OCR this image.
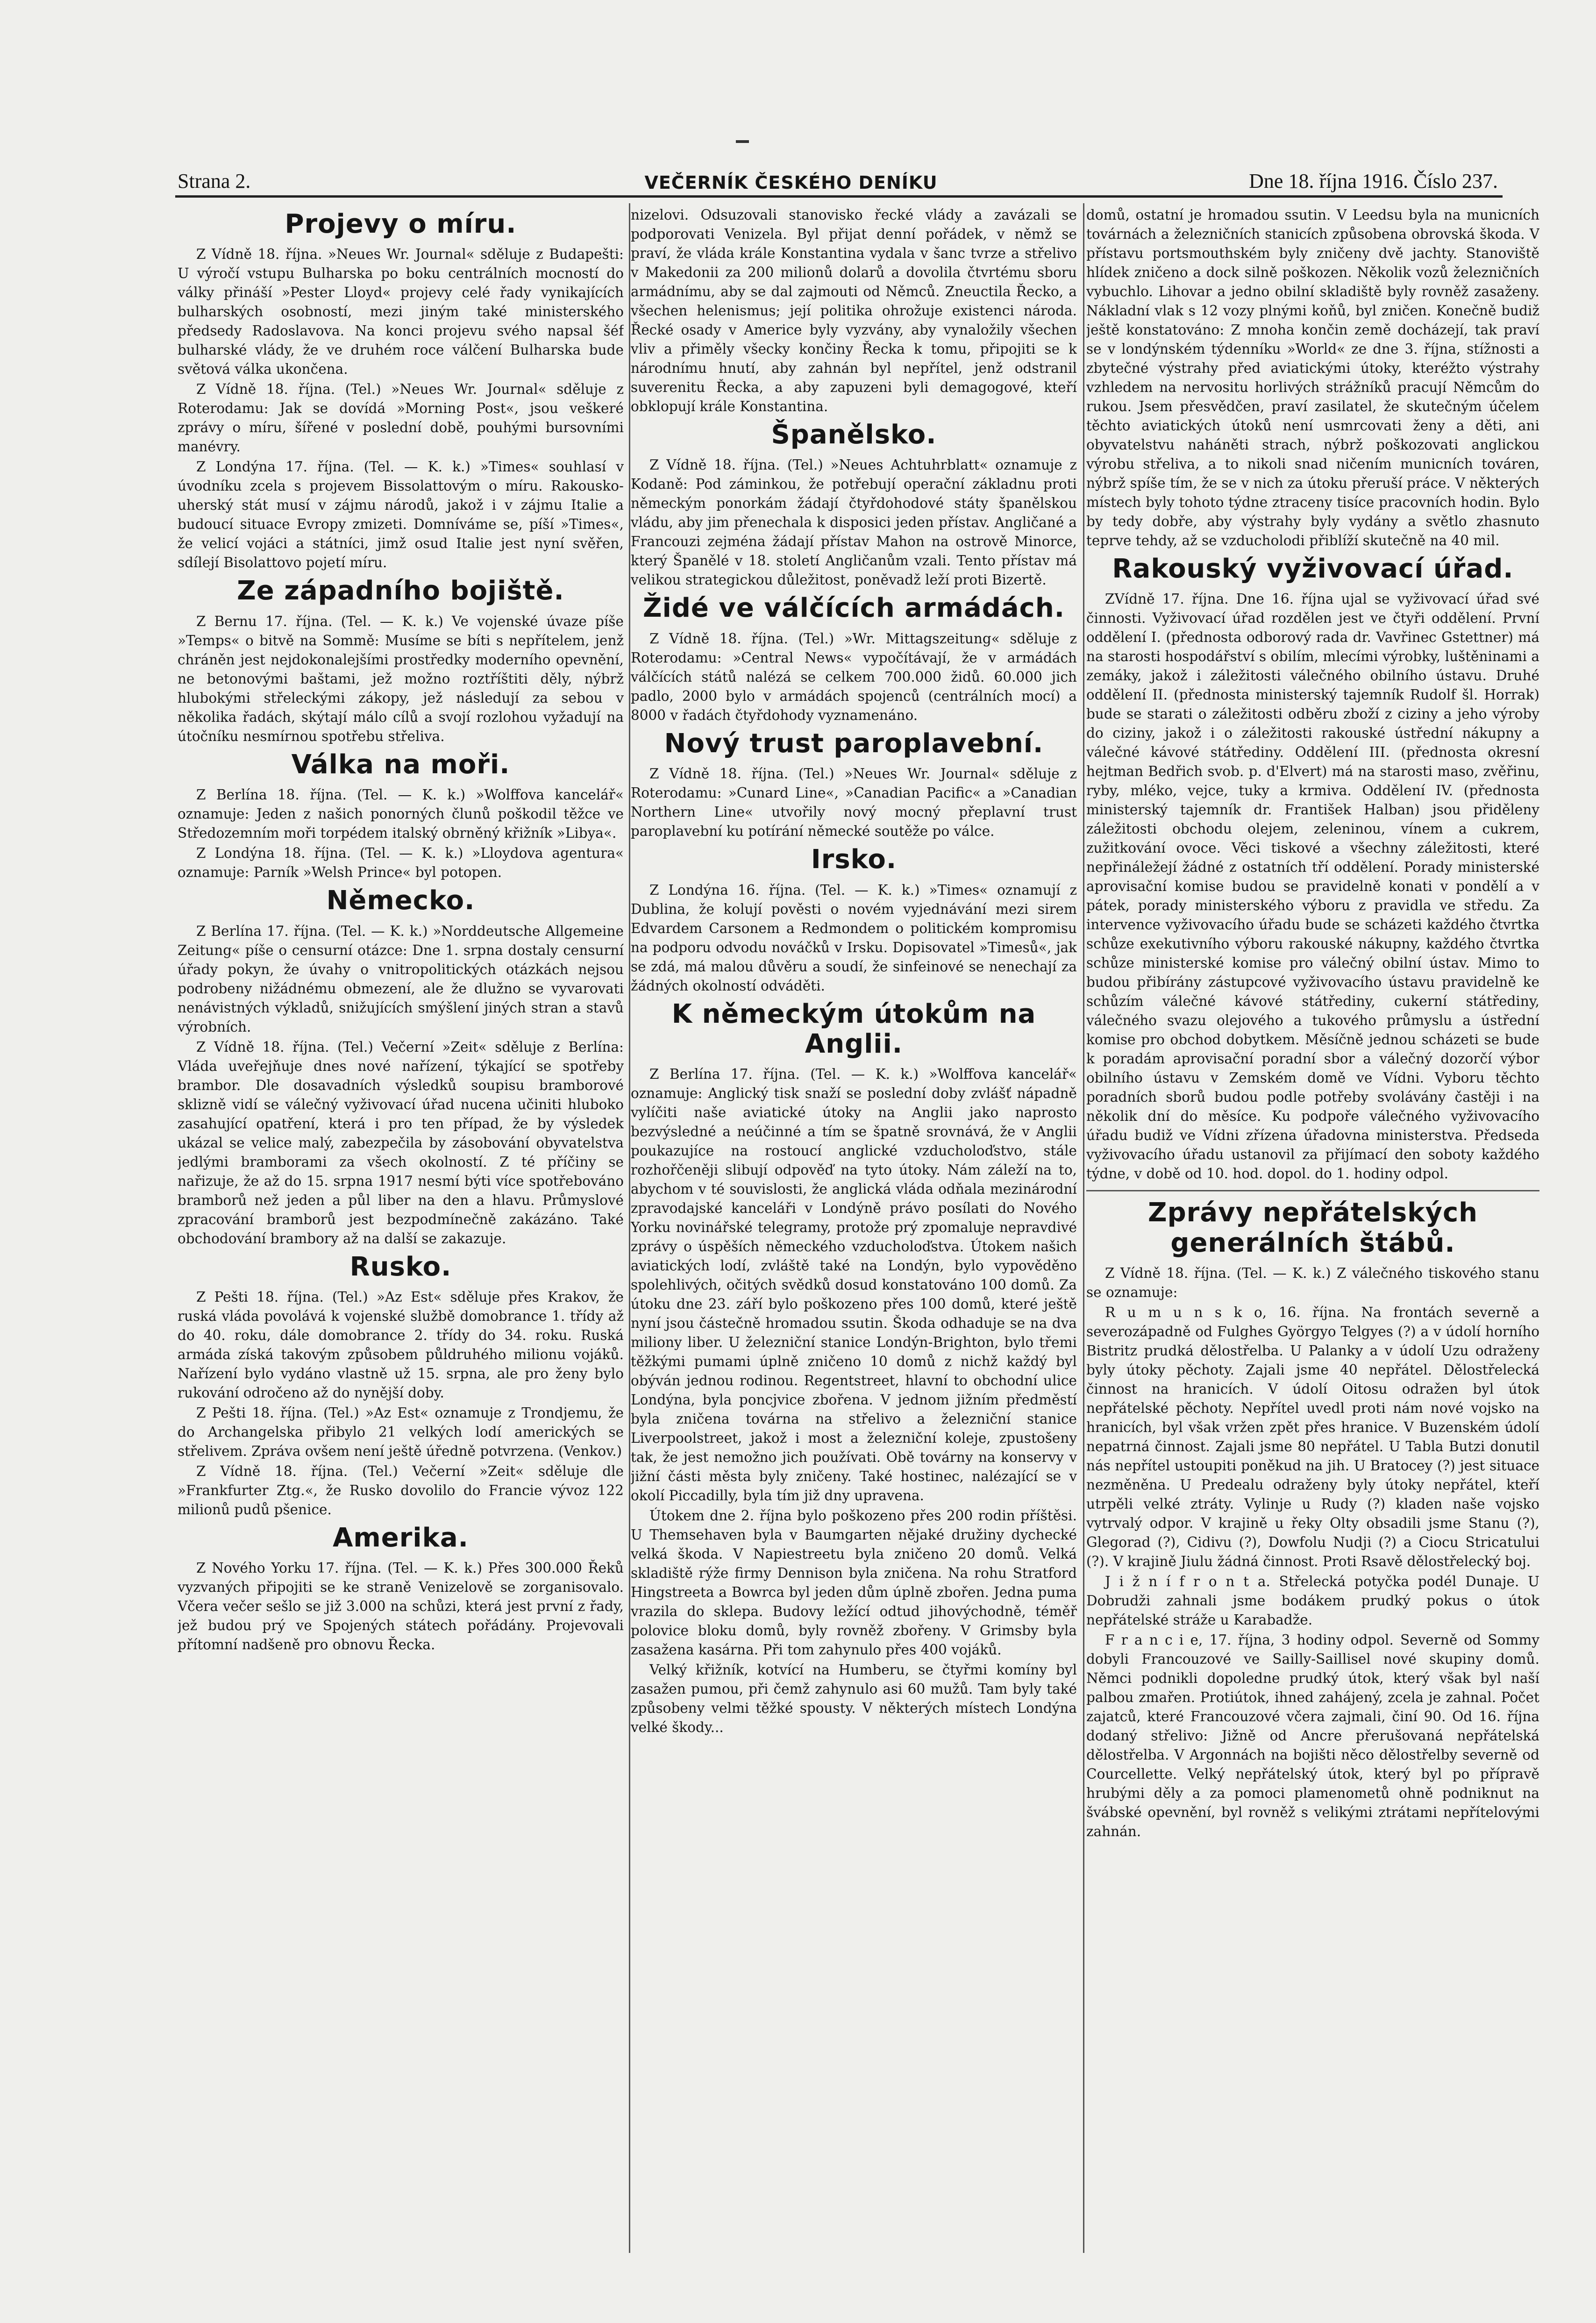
Strana 2.	VEČERNÍK ČESKÉHO DENÍKU	Dne 18. října 1916. Číslo 237.
Projevy o míru.

Z Vídně 18. října. »Neues Wr. Journal« sděluje z Budapešti: U výročí vstupu Bulharska po boku centrálních mocností do války přináší »Pester Lloyd« projevy celé řady vynikajících bulharských osobností, mezi jiným také ministerského předsedy Radoslavova. Na konci projevu svého napsal šéf bulharské vlády, že ve druhém roce válčení Bulharska bude světová válka ukončena.

Z Vídně 18. října. (Tel.) »Neues Wr. Journal« sděluje z Roterodamu: Jak se dovídá »Morning Post«, jsou veškeré zprávy o míru, šířené v poslední době, pouhými bursovními manévry.

Z Londýna 17. října. (Tel. — K. k.) »Times« souhlasí v úvodníku zcela s projevem Bissolattovým o míru. Rakousko-uherský stát musí v zájmu národů, jakož i v zájmu Italie a budoucí situace Evropy zmizeti. Domníváme se, píší »Times«, že velicí vojáci a státníci, jimž osud Italie jest nyní svěřen, sdílejí Bisolattovo pojetí míru.

Ze západního bojiště.

Z Bernu 17. října. (Tel. — K. k.) Ve vojenské úvaze píše »Temps« o bitvě na Sommě: Musíme se bíti s nepřítelem, jenž chráněn jest nejdokonalejšími prostředky moderního opevnění, ne betonovými baštami, jež možno roztříštiti děly, nýbrž hlubokými střeleckými zákopy, jež následují za sebou v několika řadách, skýtají málo cílů a svojí rozlohou vyžadují na útočníku nesmírnou spotřebu střeliva.

Válka na moři.

Z Berlína 18. října. (Tel. — K. k.) »Wolffova kancelář« oznamuje: Jeden z našich ponorných člunů poškodil těžce ve Středozemním moři torpédem italský obrněný křižník »Libya«.

Z Londýna 18. října. (Tel. — K. k.) »Lloydova agentura« oznamuje: Parník »Welsh Prince« byl potopen.

Německo.

Z Berlína 17. října. (Tel. — K. k.) »Norddeutsche Allgemeine Zeitung« píše o censurní otázce: Dne 1. srpna dostaly censurní úřady pokyn, že úvahy o vnitropolitických otázkách nejsou podrobeny nižádnému obmezení, ale že dlužno se vyvarovati nenávistných výkladů, snižujících smýšlení jiných stran a stavů výrobních.

Z Vídně 18. října. (Tel.) Večerní »Zeit« sděluje z Berlína: Vláda uveřejňuje dnes nové nařízení, týkající se spotřeby brambor. Dle dosavadních výsledků soupisu bramborové sklizně vidí se válečný vyživovací úřad nucena učiniti hluboko zasahující opatření, která i pro ten případ, že by výsledek ukázal se velice malý, zabezpečila by zásobování obyvatelstva jedlými bramborami za všech okolností. Z té příčiny se nařizuje, že až do 15. srpna 1917 nesmí býti více spotřebováno bramborů než jeden a půl liber na den a hlavu. Průmyslové zpracování bramborů jest bezpodmínečně zakázáno. Také obchodování brambory až na další se zakazuje.

Rusko.

Z Pešti 18. října. (Tel.) »Az Est« sděluje přes Krakov, že ruská vláda povolává k vojenské službě domobrance 1. třídy až do 40. roku, dále domobrance 2. třídy do 34. roku. Ruská armáda získá takovým způsobem půldruhého milionu vojáků. Nařízení bylo vydáno vlastně už 15. srpna, ale pro ženy bylo rukování odročeno až do nynější doby.

Z Pešti 18. října. (Tel.) »Az Est« oznamuje z Trondjemu, že do Archangelska přibylo 21 velkých lodí amerických se střelivem. Zpráva ovšem není ještě úředně potvrzena. (Venkov.)

Z Vídně 18. října. (Tel.) Večerní »Zeit« sděluje dle »Frankfurter Ztg.«, že Rusko dovolilo do Francie vývoz 122 milionů pudů pšenice.

Amerika.

Z Nového Yorku 17. října. (Tel. — K. k.) Přes 300.000 Řeků vyzvaných připojiti se ke straně Venizelově se zorganisovalo. Včera večer sešlo se již 3.000 na schůzi, která jest první z řady, jež budou prý ve Spojených státech pořádány. Projevovali přítomní nadšeně pro obnovu Řecka.

nizelovi. Odsuzovali stanovisko řecké vlády a zavázali se podporovati Venizela. Byl přijat denní pořádek, v němž se praví, že vláda krále Konstantina vydala v šanc tvrze a střelivo v Makedonii za 200 milionů dolarů a dovolila čtvrtému sboru armádnímu, aby se dal zajmouti od Němců. Zneuctila Řecko, a všechen helenismus; její politika ohrožuje existenci národa. Řecké osady v Americe byly vyzvány, aby vynaložily všechen vliv a přiměly všecky končiny Řecka k tomu, připojiti se k národnímu hnutí, aby zahnán byl nepřítel, jenž odstranil suverenitu Řecka, a aby zapuzeni byli demagogové, kteří obklopují krále Konstantina.

Španělsko.

Z Vídně 18. října. (Tel.) »Neues Achtuhrblatt« oznamuje z Kodaně: Pod záminkou, že potřebují operační základnu proti německým ponorkám žádají čtyřdohodové státy španělskou vládu, aby jim přenechala k disposici jeden přístav. Angličané a Francouzi zejména žádají přístav Mahon na ostrově Minorce, který Španělé v 18. století Angličanům vzali. Tento přístav má velikou strategickou důležitost, poněvadž leží proti Bizertě.

Židé ve válčících armádách.

Z Vídně 18. října. (Tel.) »Wr. Mittagszeitung« sděluje z Roterodamu: »Central News« vypočítávají, že v armádách válčících států nalézá se celkem 700.000 židů. 60.000 jich padlo, 2000 bylo v armádách spojenců (centrálních mocí) a 8000 v řadách čtyřdohody vyznamenáno.

Nový trust paroplavební.

Z Vídně 18. října. (Tel.) »Neues Wr. Journal« sděluje z Roterodamu: »Cunard Line«, »Canadian Pacific« a »Canadian Northern Line« utvořily nový mocný přeplavní trust paroplavební ku potírání německé soutěže po válce.

Irsko.

Z Londýna 16. října. (Tel. — K. k.) »Times« oznamují z Dublina, že kolují pověsti o novém vyjednávání mezi sirem Edvardem Carsonem a Redmondem o politickém kompromisu na podporu odvodu nováčků v Irsku. Dopisovatel »Timesů«, jak se zdá, má malou důvěru a soudí, že sinfeinové se nenechají za žádných okolností odváděti.

K německým útokům na Anglii.

Z Berlína 17. října. (Tel. — K. k.) »Wolffova kancelář« oznamuje: Anglický tisk snaží se poslední doby zvlášť nápadně vylíčiti naše aviatické útoky na Anglii jako naprosto bezvýsledné a neúčinné a tím se špatně srovnává, že v Anglii poukazujíce na rostoucí anglické vzducholoďstvo, stále rozhořčeněji slibují odpověď na tyto útoky. Nám záleží na to, abychom v té souvislosti, že anglická vláda odňala mezinárodní zpravodajské kanceláři v Londýně právo posílati do Nového Yorku novinářské telegramy, protože prý zpomaluje nepravdivé zprávy o úspěších německého vzducholoďstva. Útokem našich aviatických lodí, zvláště také na Londýn, bylo vypověděno spolehlivých, očitých svědků dosud konstatováno 100 domů. Za útoku dne 23. září bylo poškozeno přes 100 domů, které ještě nyní jsou částečně hromadou ssutin. Škoda odhaduje se na dva miliony liber. U železniční stanice Londýn-Brighton, bylo třemi těžkými pumami úplně zničeno 10 domů z nichž každý byl obýván jednou rodinou. Regentstreet, hlavní to obchodní ulice Londýna, byla poncjvice zbořena. V jednom jižním předměstí byla zničena továrna na střelivo a železniční stanice Liverpoolstreet, jakož i most a železniční koleje, zpustošeny tak, že jest nemožno jich používati. Obě továrny na konservy v jižní části města byly zničeny. Také hostinec, nalézající se v okolí Piccadilly, byla tím již dny upravena.

Útokem dne 2. října bylo poškozeno přes 200 rodin příštěsi. U Themsehaven byla v Baumgarten nějaké družiny dychecké velká škoda. V Napiestreetu byla zničeno 20 domů. Velká skladiště rýže firmy Dennison byla zničena. Na rohu Stratford Hingstreeta a Bowrca byl jeden dům úplně zbořen. Jedna puma vrazila do sklepa. Budovy ležící odtud jihovýchodně, téměř polovice bloku domů, byly rovněž zbořeny. V Grimsby byla zasažena kasárna. Při tom zahynulo přes 400 vojáků.

Velký křižník, kotvící na Humberu, se čtyřmi komíny byl zasažen pumou, při čemž zahynulo asi 60 mužů. Tam byly také způsobeny velmi těžké spousty. V některých místech Londýna velké škody...

domů, ostatní je hromadou ssutin. V Leedsu byla na municních továrnách a železničních stanicích způsobena obrovská škoda. V přístavu portsmouthském byly zničeny dvě jachty. Stanoviště hlídek zničeno a dock silně poškozen. Několik vozů železničních vybuchlo. Lihovar a jedno obilní skladiště byly rovněž zasaženy. Nákladní vlak s 12 vozy plnými koňů, byl zničen. Konečně budiž ještě konstatováno: Z mnoha končin země docházejí, tak praví se v londýnském týdenníku »World« ze dne 3. října, stížnosti a zbytečné výstrahy před aviatickými útoky, kteréžto výstrahy vzhledem na nervositu horlivých strážníků pracují Němcům do rukou. Jsem přesvědčen, praví zasilatel, že skutečným účelem těchto aviatických útoků není usmrcovati ženy a děti, ani obyvatelstvu naháněti strach, nýbrž poškozovati anglickou výrobu střeliva, a to nikoli snad ničením municních továren, nýbrž spíše tím, že se v nich za útoku přeruší práce. V některých místech byly tohoto týdne ztraceny tisíce pracovních hodin. Bylo by tedy dobře, aby výstrahy byly vydány a světlo zhasnuto teprve tehdy, až se vzducholodi přiblíží skutečně na 40 mil.

Rakouský vyživovací úřad.

ZVídně 17. října. Dne 16. října ujal se vyživovací úřad své činnosti. Vyživovací úřad rozdělen jest ve čtyři oddělení. První oddělení I. (přednosta odborový rada dr. Vavřinec Gstettner) má na starosti hospodářství s obilím, mlecími výrobky, luštěninami a zemáky, jakož i záležitosti válečného obilního ústavu. Druhé oddělení II. (přednosta ministerský tajemník Rudolf šl. Horrak) bude se starati o záležitosti odběru zboží z ciziny a jeho výroby do ciziny, jakož i o záležitosti rakouské ústřední nákupny a válečné kávové státřediny. Oddělení III. (přednosta okresní hejtman Bedřich svob. p. d'Elvert) má na starosti maso, zvěřinu, ryby, mléko, vejce, tuky a krmiva. Oddělení IV. (přednosta ministerský tajemník dr. František Halban) jsou přiděleny záležitosti obchodu olejem, zeleninou, vínem a cukrem, zužitkování ovoce. Věci tiskové a všechny záležitosti, které nepřináležejí žádné z ostatních tří oddělení. Porady ministerské aprovisační komise budou se pravidelně konati v pondělí a v pátek, porady ministerského výboru z pravidla ve středu. Za intervence vyživovacího úřadu bude se scházeti každého čtvrtka schůze exekutivního výboru rakouské nákupny, každého čtvrtka schůze ministerské komise pro válečný obilní ústav. Mimo to budou přibírány zástupcové vyživovacího ústavu pravidelně ke schůzím válečné kávové státřediny, cukerní státřediny, válečného svazu olejového a tukového průmyslu a ústřední komise pro obchod dobytkem. Měsíčně jednou scházeti se bude k poradám aprovisační poradní sbor a válečný dozorčí výbor obilního ústavu v Zemském domě ve Vídni. Vyboru těchto poradních sborů budou podle potřeby svolávány častěji i na několik dní do měsíce. Ku podpoře válečného vyživovacího úřadu budiž ve Vídni zřízena úřadovna ministerstva. Předseda vyživovacího úřadu ustanovil za přijímací den soboty každého týdne, v době od 10. hod. dopol. do 1. hodiny odpol.

Zprávy nepřátelských generálních štábů.

Z Vídně 18. října. (Tel. — K. k.) Z válečného tiskového stanu se oznamuje:

R u m u n s k o, 16. října. Na frontách severně a severozápadně od Fulghes Györgyo Telgyes (?) a v údolí horního Bistritz prudká dělostřelba. U Palanky a v údolí Uzu odraženy byly útoky pěchoty. Zajali jsme 40 nepřátel. Dělostřelecká činnost na hranicích. V údolí Oitosu odražen byl útok nepřátelské pěchoty. Nepřítel uvedl proti nám nové vojsko na hranicích, byl však vržen zpět přes hranice. V Buzenském údolí nepatrná činnost. Zajali jsme 80 nepřátel. U Tabla Butzi donutil nás nepřítel ustoupiti poněkud na jih. U Bratocey (?) jest situace nezměněna. U Predealu odraženy byly útoky nepřátel, kteří utrpěli velké ztráty. Vylinje u Rudy (?) kladen naše vojsko vytrvalý odpor. V krajině u řeky Olty obsadili jsme Stanu (?), Glegorad (?), Cidivu (?), Dowfolu Nudji (?) a Ciocu Stricatului (?). V krajině Jiulu žádná činnost. Proti Rsavě dělostřelecký boj.

J i ž n í f r o n t a. Střelecká potyčka podél Dunaje. U Dobrudži zahnali jsme bodákem prudký pokus o útok nepřátelské stráže u Karabadže.

F r a n c i e, 17. října, 3 hodiny odpol. Severně od Sommy dobyli Francouzové ve Sailly-Saillisel nové skupiny domů. Němci podnikli dopoledne prudký útok, který však byl naší palbou zmařen. Protiútok, ihned zahájený, zcela je zahnal. Počet zajatců, které Francouzové včera zajmali, činí 90. Od 16. října dodaný střelivo: Jižně od Ancre přerušovaná nepřátelská dělostřelba. V Argonnách na bojišti něco dělostřelby severně od Courcellette. Velký nepřátelský útok, který byl po přípravě hrubými děly a za pomoci plamenometů ohně podniknut na švábské opevnění, byl rovněž s velikými ztrátami nepřítelovými zahnán.
